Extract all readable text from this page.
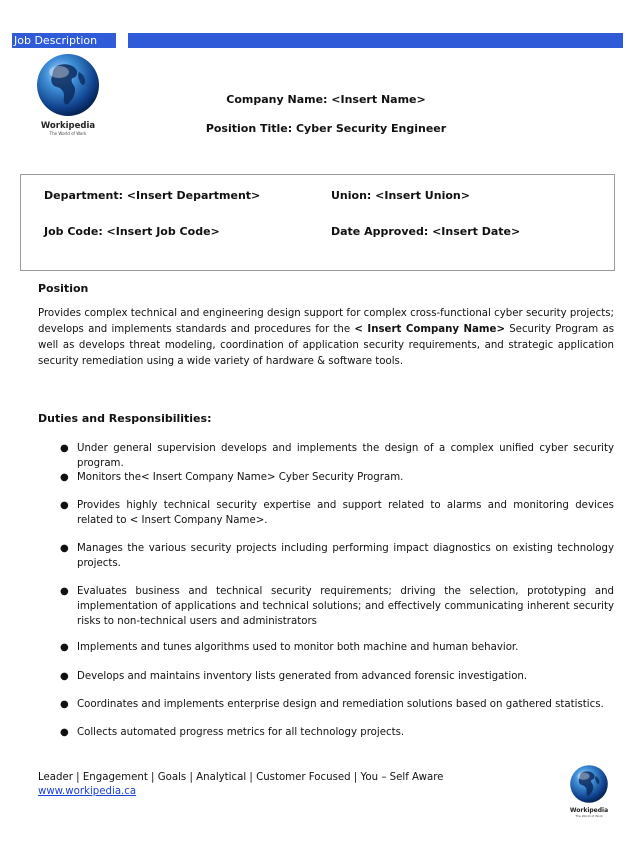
Job Description
Workipedia
The World of Work
Company Name: <Insert Name>
Position Title: Cyber Security Engineer
Department: <Insert Department>	Union: <Insert Union>
Job Code: <Insert Job Code>	Date Approved: <Insert Date>
Position
Provides complex technical and engineering design support for complex cross-functional cyber security projects; develops and implements standards and procedures for the < Insert Company Name> Security Program as well as develops threat modeling, coordination of application security requirements, and strategic application security remediation using a wide variety of hardware & software tools.
Duties and Responsibilities:
● Under general supervision develops and implements the design of a complex unified cyber security program.
● Monitors the< Insert Company Name> Cyber Security Program.
● Provides highly technical security expertise and support related to alarms and monitoring devices related to < Insert Company Name>.
● Manages the various security projects including performing impact diagnostics on existing technology projects.
● Evaluates business and technical security requirements; driving the selection, prototyping and implementation of applications and technical solutions; and effectively communicating inherent security risks to non-technical users and administrators
● Implements and tunes algorithms used to monitor both machine and human behavior.
● Develops and maintains inventory lists generated from advanced forensic investigation.
● Coordinates and implements enterprise design and remediation solutions based on gathered statistics.
● Collects automated progress metrics for all technology projects.
Leader | Engagement | Goals | Analytical | Customer Focused | You – Self Aware
www.workipedia.ca
Workipedia
The World of Work
